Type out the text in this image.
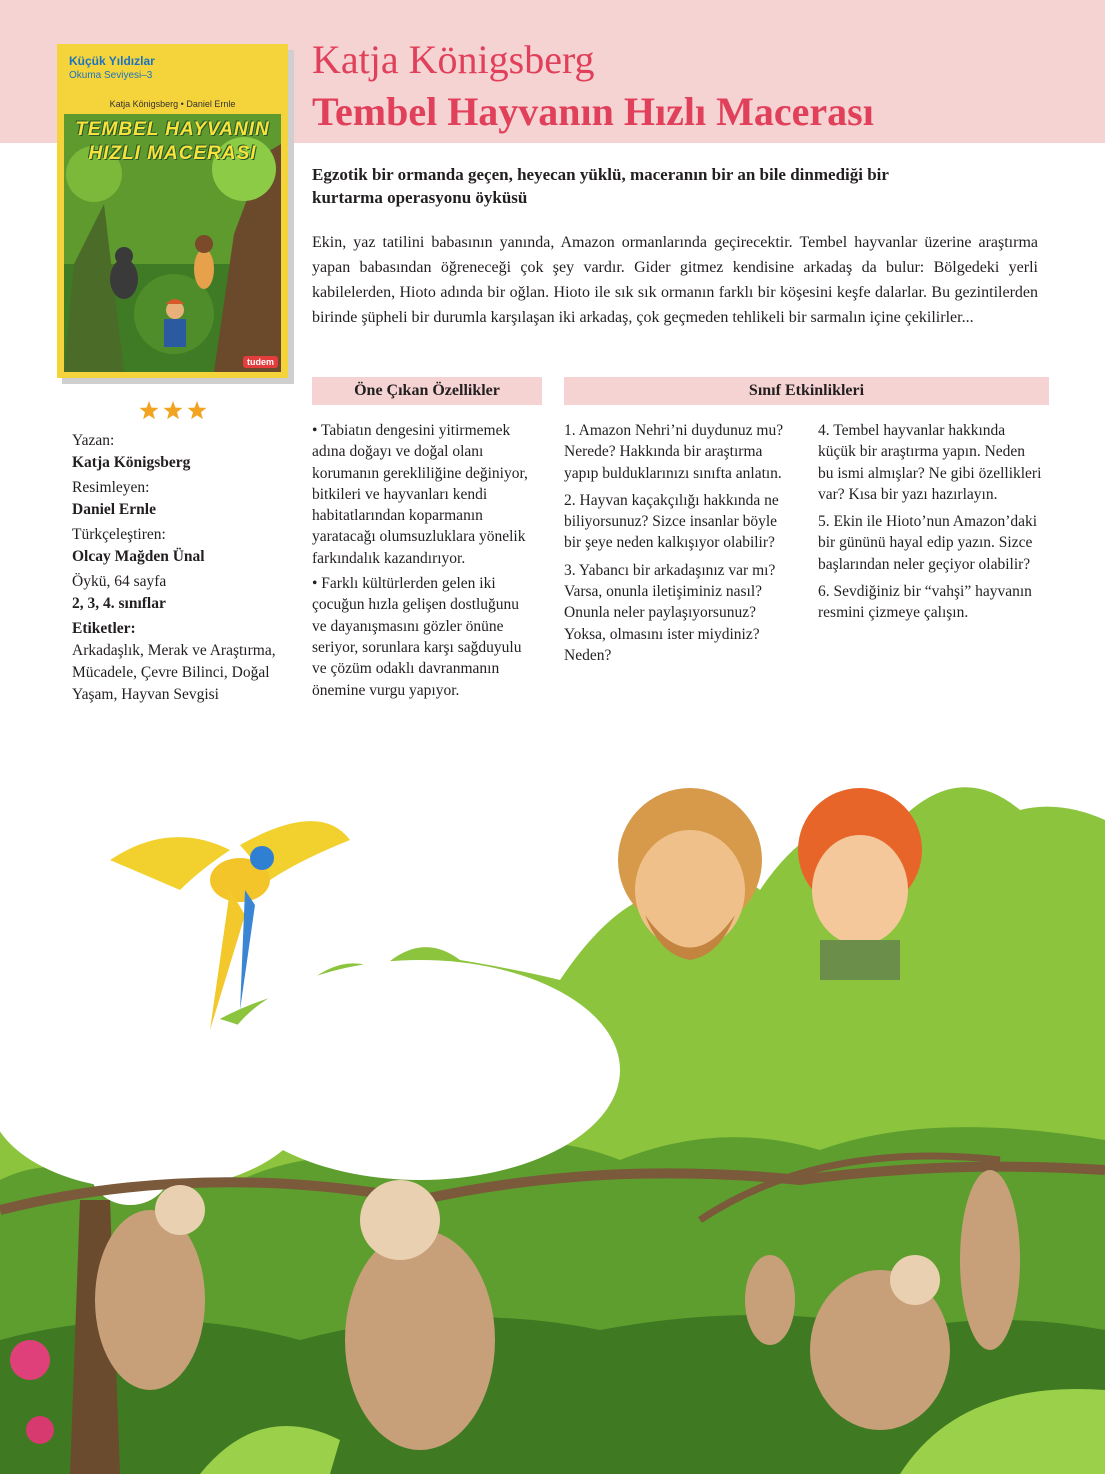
Küçük Yıldızlar
Okuma Seviyesi–3
Katja Königsberg • Daniel Ernle
TEMBEL HAYVANIN
HIZLI MACERASI
tudem
Katja Königsberg
Tembel Hayvanın Hızlı Macerası
Yazan:
Katja Königsberg
Resimleyen:
Daniel Ernle
Türkçeleştiren:
Olcay Mağden Ünal
Öykü, 64 sayfa
2, 3, 4. sınıflar
Etiketler:
Arkadaşlık, Merak ve Araştırma, Mücadele, Çevre Bilinci, Doğal Yaşam, Hayvan Sevgisi
Egzotik bir ormanda geçen, heyecan yüklü, maceranın bir an bile dinmediği bir kurtarma operasyonu öyküsü
Ekin, yaz tatilini babasının yanında, Amazon ormanlarında geçirecektir. Tembel hayvanlar üzerine araştırma yapan babasından öğreneceği çok şey vardır. Gider gitmez kendisine arkadaş da bulur: Bölgedeki yerli kabilelerden, Hioto adında bir oğlan. Hioto ile sık sık ormanın farklı bir köşesini keşfe dalarlar. Bu gezintilerden birinde şüpheli bir durumla karşılaşan iki arkadaş, çok geçmeden tehlikeli bir sarmalın içine çekilirler...
Öne Çıkan Özellikler	Sınıf Etkinlikleri

• Tabiatın dengesini yitirmemek adına doğayı ve doğal olanı korumanın gerekliliğine değiniyor, bitkileri ve hayvanları kendi habitatlarından koparmanın yaratacağı olumsuzluklara yönelik farkındalık kazandırıyor.

• Farklı kültürlerden gelen iki çocuğun hızla gelişen dostluğunu ve dayanışmasını gözler önüne seriyor, sorunlara karşı sağduyulu ve çözüm odaklı davranmanın önemine vurgu yapıyor.

1. Amazon Nehri’ni duydunuz mu? Nerede? Hakkında bir araştırma yapıp bulduklarınızı sınıfta anlatın.

2. Hayvan kaçakçılığı hakkında ne biliyorsunuz? Sizce insanlar böyle bir şeye neden kalkışıyor olabilir?

3. Yabancı bir arkadaşınız var mı? Varsa, onunla iletişiminiz nasıl? Onunla neler paylaşıyorsunuz? Yoksa, olmasını ister miydiniz? Neden?

4. Tembel hayvanlar hakkında küçük bir araştırma yapın. Neden bu ismi almışlar? Ne gibi özellikleri var? Kısa bir yazı hazırlayın.

5. Ekin ile Hioto’nun Amazon’daki bir gününü hayal edip yazın. Sizce başlarından neler geçiyor olabilir?

6. Sevdiğiniz bir “vahşi” hayvanın resmini çizmeye çalışın.
